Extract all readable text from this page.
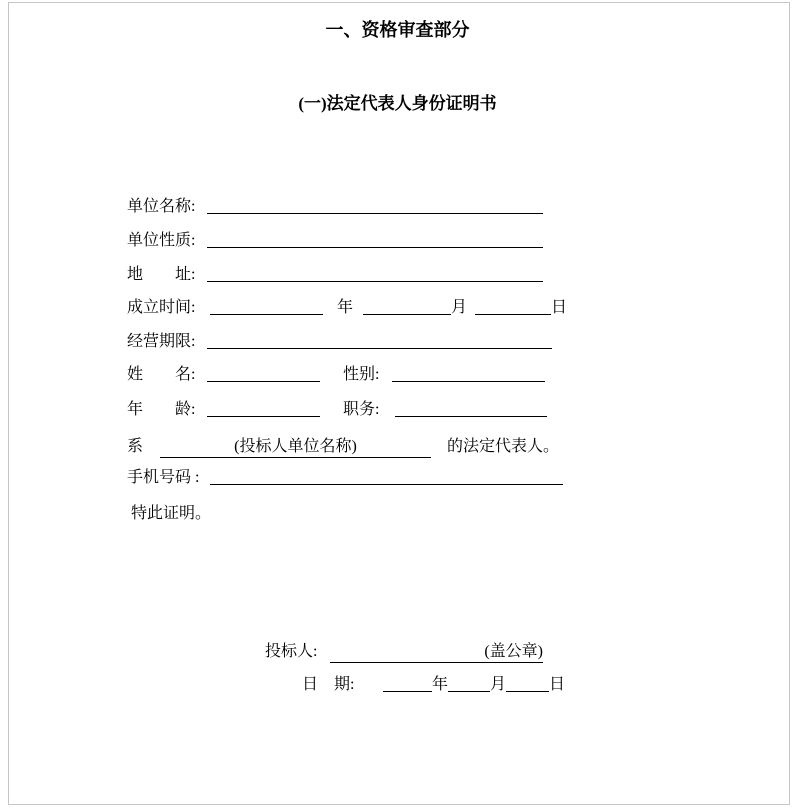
一、资格审查部分
(一)法定代表人身份证明书
单位名称:
单位性质:
地　　址:
成立时间:	年	月	日
经营期限:
姓　　名:	性别:
年　　龄:	职务:
系	(投标人单位名称)	的法定代表人。
手机号码 :
特此证明。
投标人:	(盖公章)
日　期:	年	月	日
